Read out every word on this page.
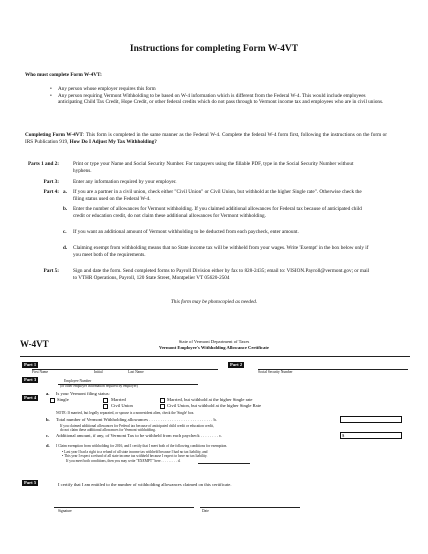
Instructions for completing Form W-4VT
Who must complete Form W-4VT:
• Any person whose employer requires this form
• Any person requiring Vermont Withholding to be based on W-4 information which is different from the Federal W-4. This would include employees anticipating Child Tax Credit, Hope Credit, or other federal credits which do not pass through to Vermont income tax and employees who are in civil unions.
Completing Form W-4VT: This form is completed in the same manner as the Federal W-4. Complete the federal W-4 form first, following the instructions on the form or IRS Publication 919, How Do I Adjust My Tax Withholding?
Parts 1 and 2:	Print or type your Name and Social Security Number. For taxpayers using the fillable PDF, type in the Social Security Number without hyphens.
Part 3:	Enter any information required by your employer.
Part 4: a.	If you are a partner in a civil union, check either "Civil Union" or Civil Union, but withhold at the higher Single rate". Otherwise check the filing status used on the Federal W-4.
b.	Enter the number of allowances for Vermont withholding. If you claimed additional allowances for Federal tax because of anticipated child credit or education credit, do not claim these additional allowances for Vermont withholding.
c.	If you want an additional amount of Vermont withholding to be deducted from each paycheck, enter amount.
d.	Claiming exempt from withholding means that no State income tax will be withheld from your wages. Write 'Exempt' in the box below only if you meet both of the requirements.
Part 5:	Sign and date the form. Send completed forms to Payroll Division either by fax to 828-2435; email to: VISION.Payroll@vermont.gov; or mail to VTHR Operations, Payroll, 120 State Street, Montpelier VT 05620-2504
This form may be photocopied as needed.
W-4VT	State of Vermont Department of Taxes
Vermont Employee's Withholding Allowance Certificate
Part 1	Part 2
First Name	Initial	Last Name	Social Security Number
Part 3	Employee Number
(or other employer information required by employer)
Part 4
a. Is your Vermont filing status:
Single	Married	Married, but withhold at the higher Single rate
Civil Union	Civil Union, but withhold at the higher Single Rate
NOTE: If married, but legally separated, or spouse is a nonresident alien, check the 'Single' box.
b. Total number of Vermont Withholding allowances . . . . . . . . . . . . . . . . . . . . . . . . . . . . b.
If you claimed additional allowances for Federal tax because of anticipated child credit or education credit,
do not claim these additional allowances for Vermont withholding.
c. Additional amount, if any, of Vermont Tax to be withheld from each paycheck . . . . . . . . c.	$
d. I Claim exemption from withholding for 2016, and I certify that I meet both of the following conditions for exemption.
• Last year I had a right to a refund of all state income tax withheld because I had no tax liability, and
• This year I expect a refund of all state income tax withheld because I expect to have no tax liability.
If you meet both conditions, then you may write "EXEMPT" here . . . . . . . . . d.
Part 5	I certify that I am entitled to the number of withholding allowances claimed on this certificate.
Signature	Date
